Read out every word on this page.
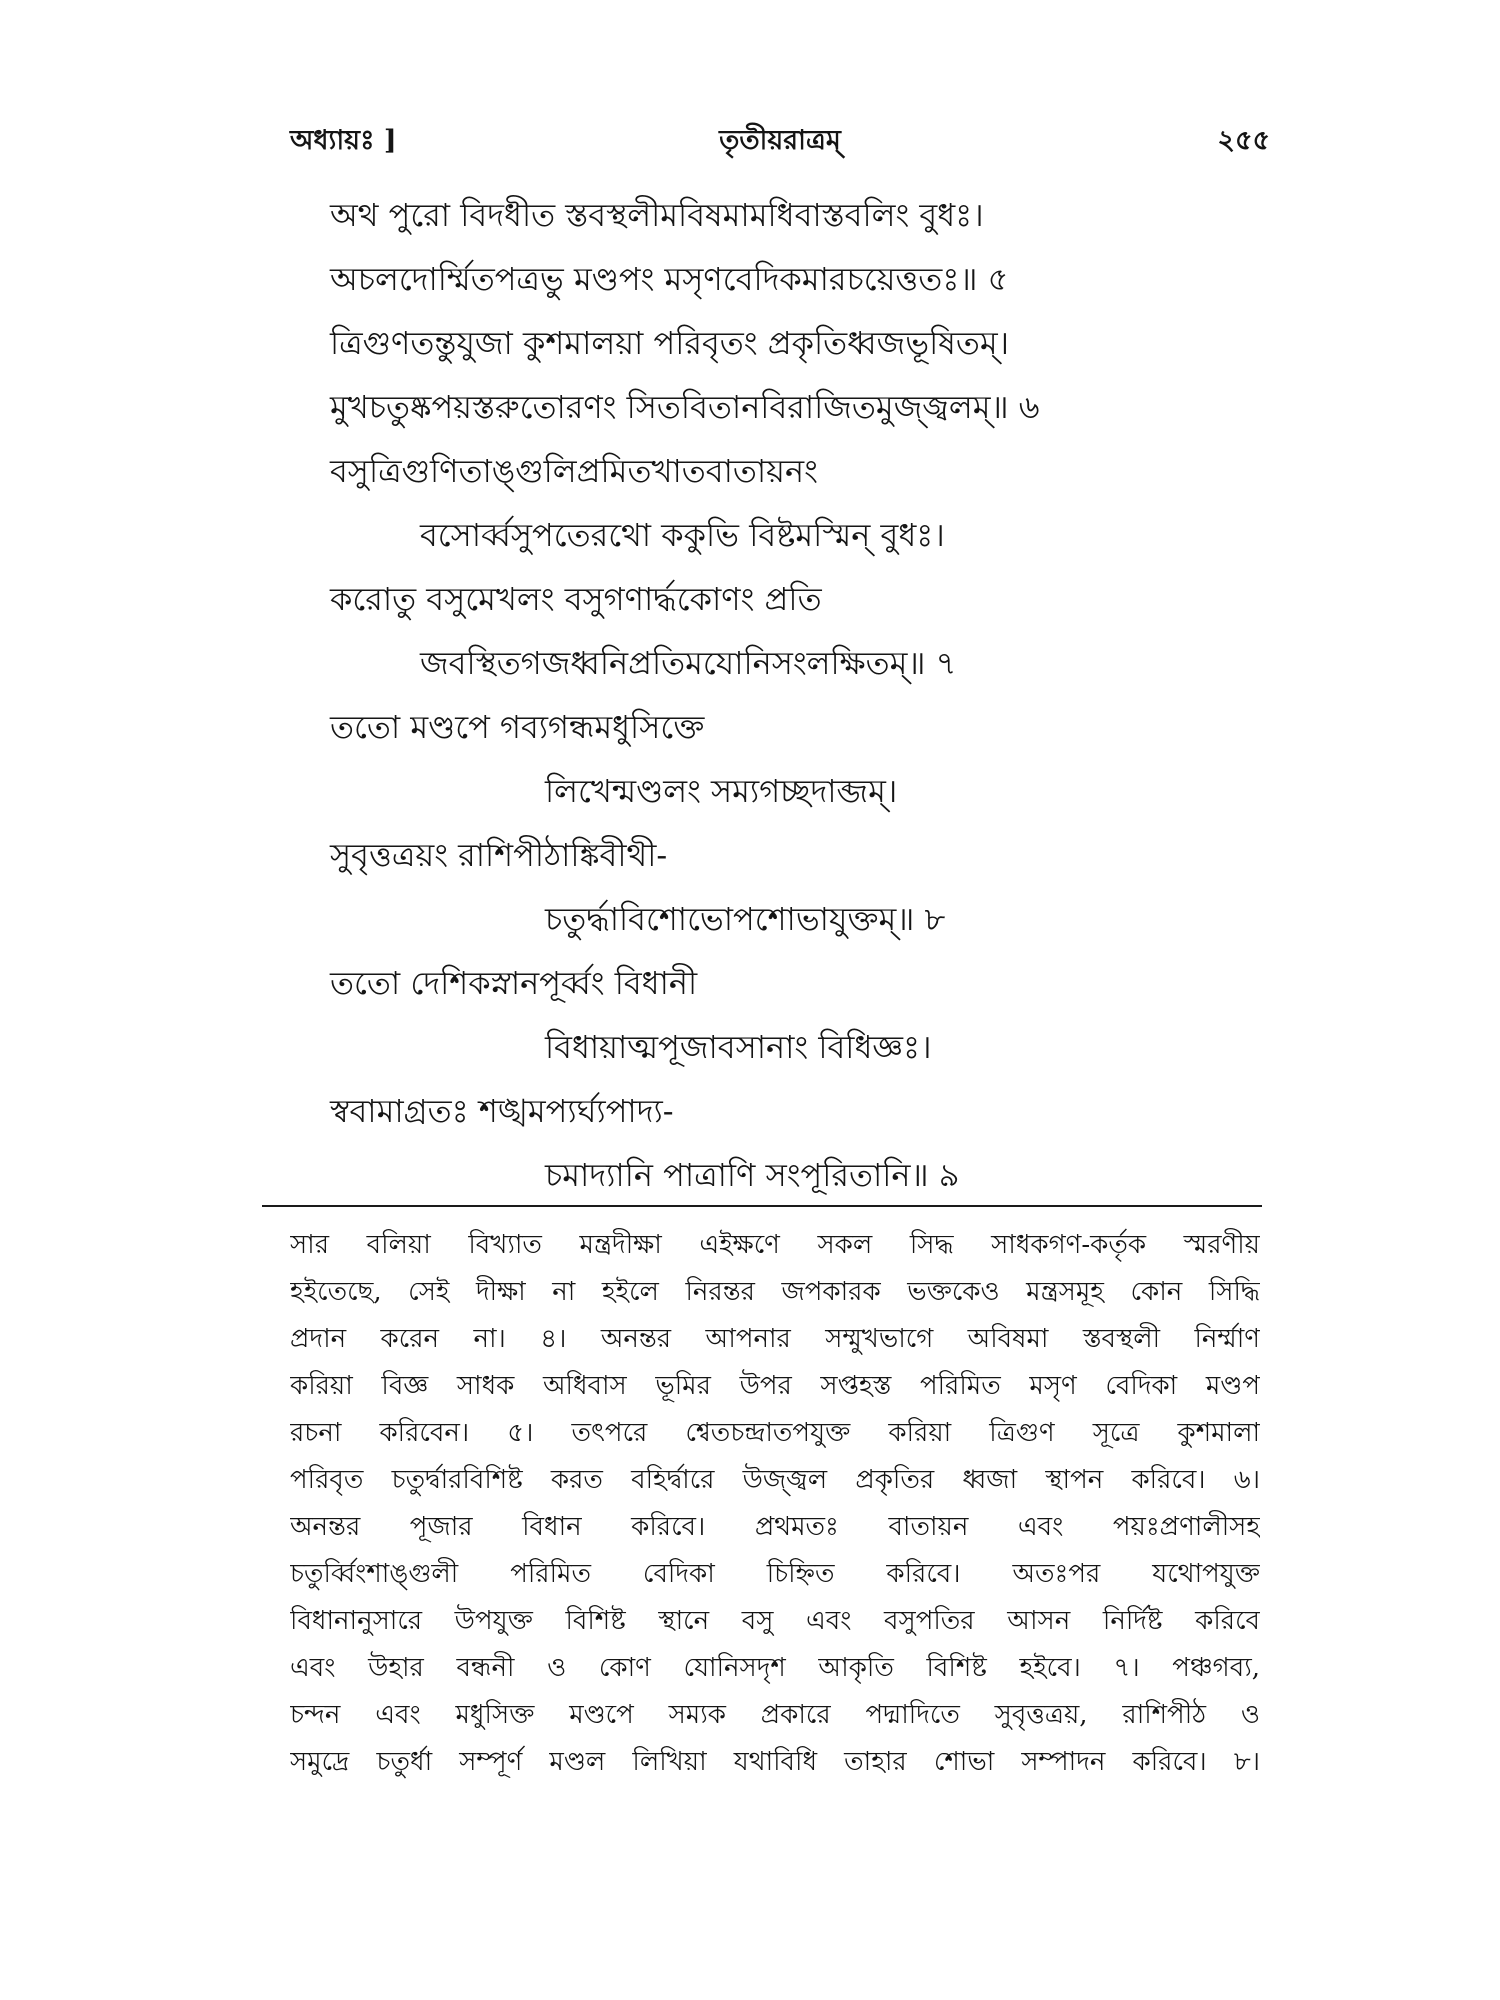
অধ্যায়ঃ ]	তৃতীয়রাত্রম্	২৫৫
অথ পুরো বিদধীত স্তবস্থলীমবিষমামধিবাস্তবলিং বুধঃ।
অচলদোর্ম্মিতপত্রভু মণ্ডপং মসৃণবেদিকমারচয়েত্ততঃ॥ ৫
ত্রিগুণতন্তুযুজা কুশমালয়া পরিবৃতং প্রকৃতিধ্বজভূষিতম্।
মুখচতুষ্কপয়স্তরুতোরণং সিতবিতানবিরাজিতমুজ্জ্বলম্॥ ৬
বসুত্রিগুণিতাঙ্গুলিপ্রমিতখাতবাতায়নং
বসোর্ব্বসুপতেরথো ককুভি বিষ্টমস্মিন্ বুধঃ।
করোতু বসুমেখলং বসুগণার্দ্ধকোণং প্রতি
জবস্থিতগজধ্বনিপ্রতিমযোনিসংলক্ষিতম্॥ ৭
ততো মণ্ডপে গব্যগন্ধমধুসিক্তে
লিখেন্মণ্ডলং সম্যগচ্ছদাব্জম্।
সুবৃত্তত্রয়ং রাশিপীঠাঙ্কিবীথী-
চতুর্দ্ধাবিশোভোপশোভাযুক্তম্॥ ৮
ততো দেশিকস্নানপূর্ব্বং বিধানী
বিধায়াত্মপূজাবসানাং বিধিজ্ঞঃ।
স্ববামাগ্রতঃ শঙ্খমপ্যর্ঘ্যপাদ্য-
চমাদ্যানি পাত্রাণি সংপূরিতানি॥ ৯
সার বলিয়া বিখ্যাত মন্ত্রদীক্ষা এইক্ষণে সকল সিদ্ধ সাধকগণ-কর্তৃক স্মরণীয়
হইতেছে, সেই দীক্ষা না হইলে নিরন্তর জপকারক ভক্তকেও মন্ত্রসমূহ কোন সিদ্ধি
প্রদান করেন না। ৪। অনন্তর আপনার সম্মুখভাগে অবিষমা স্তবস্থলী নির্ম্মাণ
করিয়া বিজ্ঞ সাধক অধিবাস ভূমির উপর সপ্তহস্ত পরিমিত মসৃণ বেদিকা মণ্ডপ
রচনা করিবেন। ৫। তৎপরে শ্বেতচন্দ্রাতপযুক্ত করিয়া ত্রিগুণ সূত্রে কুশমালা
পরিবৃত চতুর্দ্বারবিশিষ্ট করত বহির্দ্বারে উজ্জ্বল প্রকৃতির ধ্বজা স্থাপন করিবে। ৬।
অনন্তর পূজার বিধান করিবে। প্রথমতঃ বাতায়ন এবং পয়ঃপ্রণালীসহ
চতুর্ব্বিংশাঙ্গুলী পরিমিত বেদিকা চিহ্নিত করিবে। অতঃপর যথোপযুক্ত
বিধানানুসারে উপযুক্ত বিশিষ্ট স্থানে বসু এবং বসুপতির আসন নির্দিষ্ট করিবে
এবং উহার বন্ধনী ও কোণ যোনিসদৃশ আকৃতি বিশিষ্ট হইবে। ৭। পঞ্চগব্য,
চন্দন এবং মধুসিক্ত মণ্ডপে সম্যক প্রকারে পদ্মাদিতে সুবৃত্তত্রয়, রাশিপীঠ ও
সমুদ্রে চতুর্ধা সম্পূর্ণ মণ্ডল লিখিয়া যথাবিধি তাহার শোভা সম্পাদন করিবে। ৮।
